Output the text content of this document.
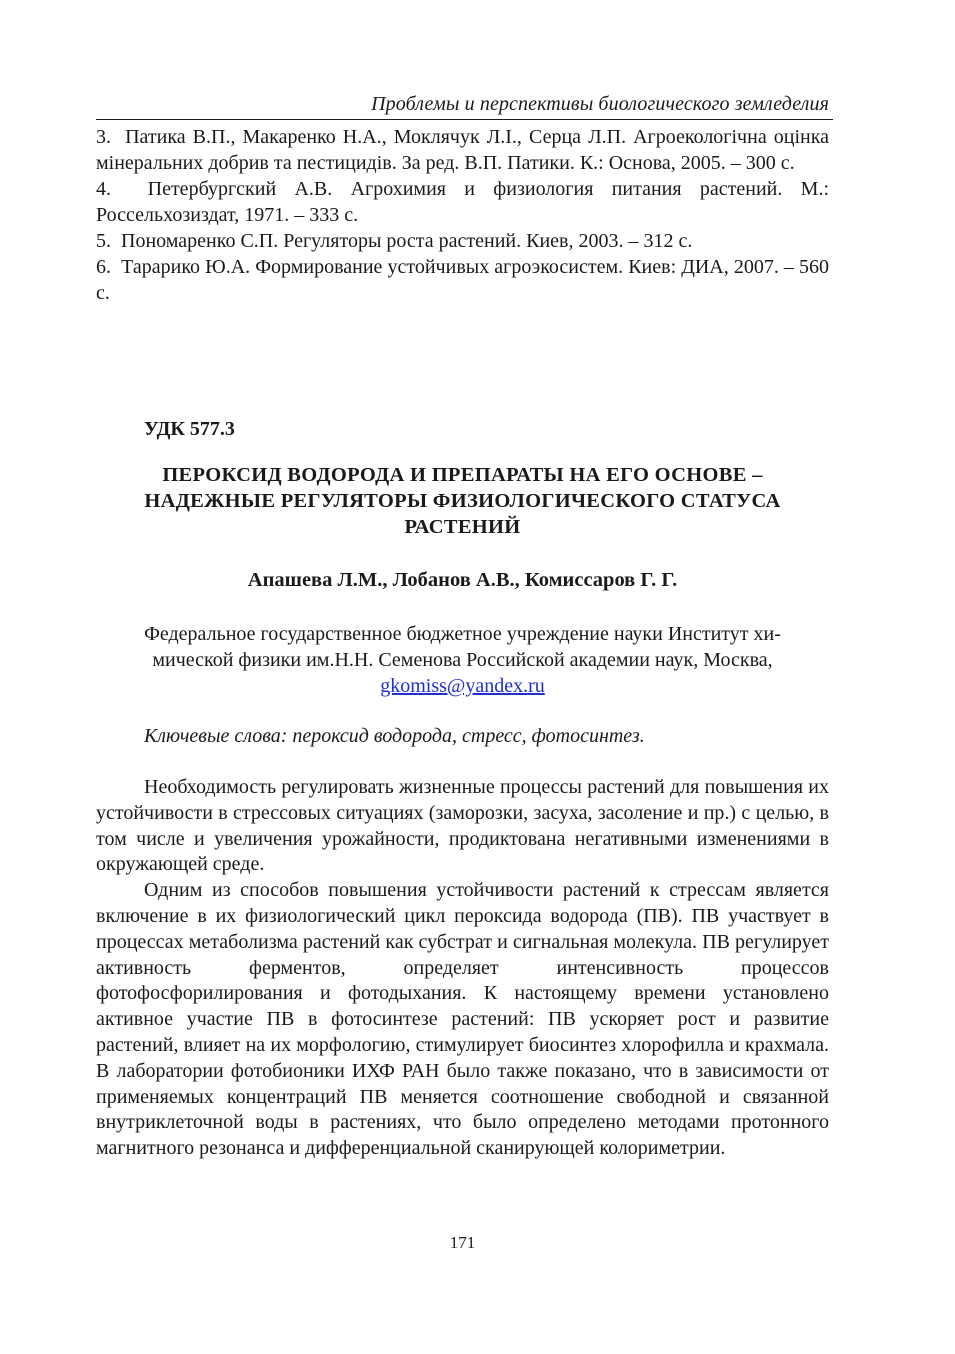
Проблемы и перспективы биологического земледелия

3. Патика В.П., Макаренко Н.А., Моклячук Л.І., Серца Л.П. Агроекологічна оцінка мінеральних добрив та пестицидів. За ред. В.П. Патики. К.: Основа, 2005. – 300 с.

4. Петербургский А.В. Агрохимия и физиология питания растений. М.: Россельхозиздат, 1971. – 333 с.

5. Пономаренко С.П. Регуляторы роста растений. Киев, 2003. – 312 с.

6. Тарарико Ю.А. Формирование устойчивых агроэкосистем. Киев: ДИА, 2007. – 560 с.

УДК 577.3
ПЕРОКСИД ВОДОРОДА И ПРЕПАРАТЫ НА ЕГО ОСНОВЕ –
НАДЕЖНЫЕ РЕГУЛЯТОРЫ ФИЗИОЛОГИЧЕСКОГО СТАТУСА
РАСТЕНИЙ
Апашева Л.М., Лобанов А.В., Комиссаров Г. Г.
Федеральное государственное бюджетное учреждение науки Институт хи-
мической физики им.Н.Н. Семенова Российской академии наук, Москва,
gkomiss@yandex.ru
Ключевые слова: пероксид водорода, стресс, фотосинтез.

Необходимость регулировать жизненные процессы растений для повышения их устойчивости в стрессовых ситуациях (заморозки, засуха, засоление и пр.) с целью, в том числе и увеличения урожайности, продиктована негативными изменениями в окружающей среде.

Одним из способов повышения устойчивости растений к стрессам является включение в их физиологический цикл пероксида водорода (ПВ). ПВ участвует в процессах метаболизма растений как субстрат и сигнальная молекула. ПВ регулирует активность ферментов, определяет интенсивность процессов фотофосфорилирования и фотодыхания. К настоящему времени установлено активное участие ПВ в фотосинтезе растений: ПВ ускоряет рост и развитие растений, влияет на их морфологию, стимулирует биосинтез хлорофилла и крахмала. В лаборатории фотобионики ИХФ РАН было также показано, что в зависимости от применяемых концентраций ПВ меняется соотношение свободной и связанной внутриклеточной воды в растениях, что было определено методами протонного магнитного резонанса и дифференциальной сканирующей колориметрии.

171
